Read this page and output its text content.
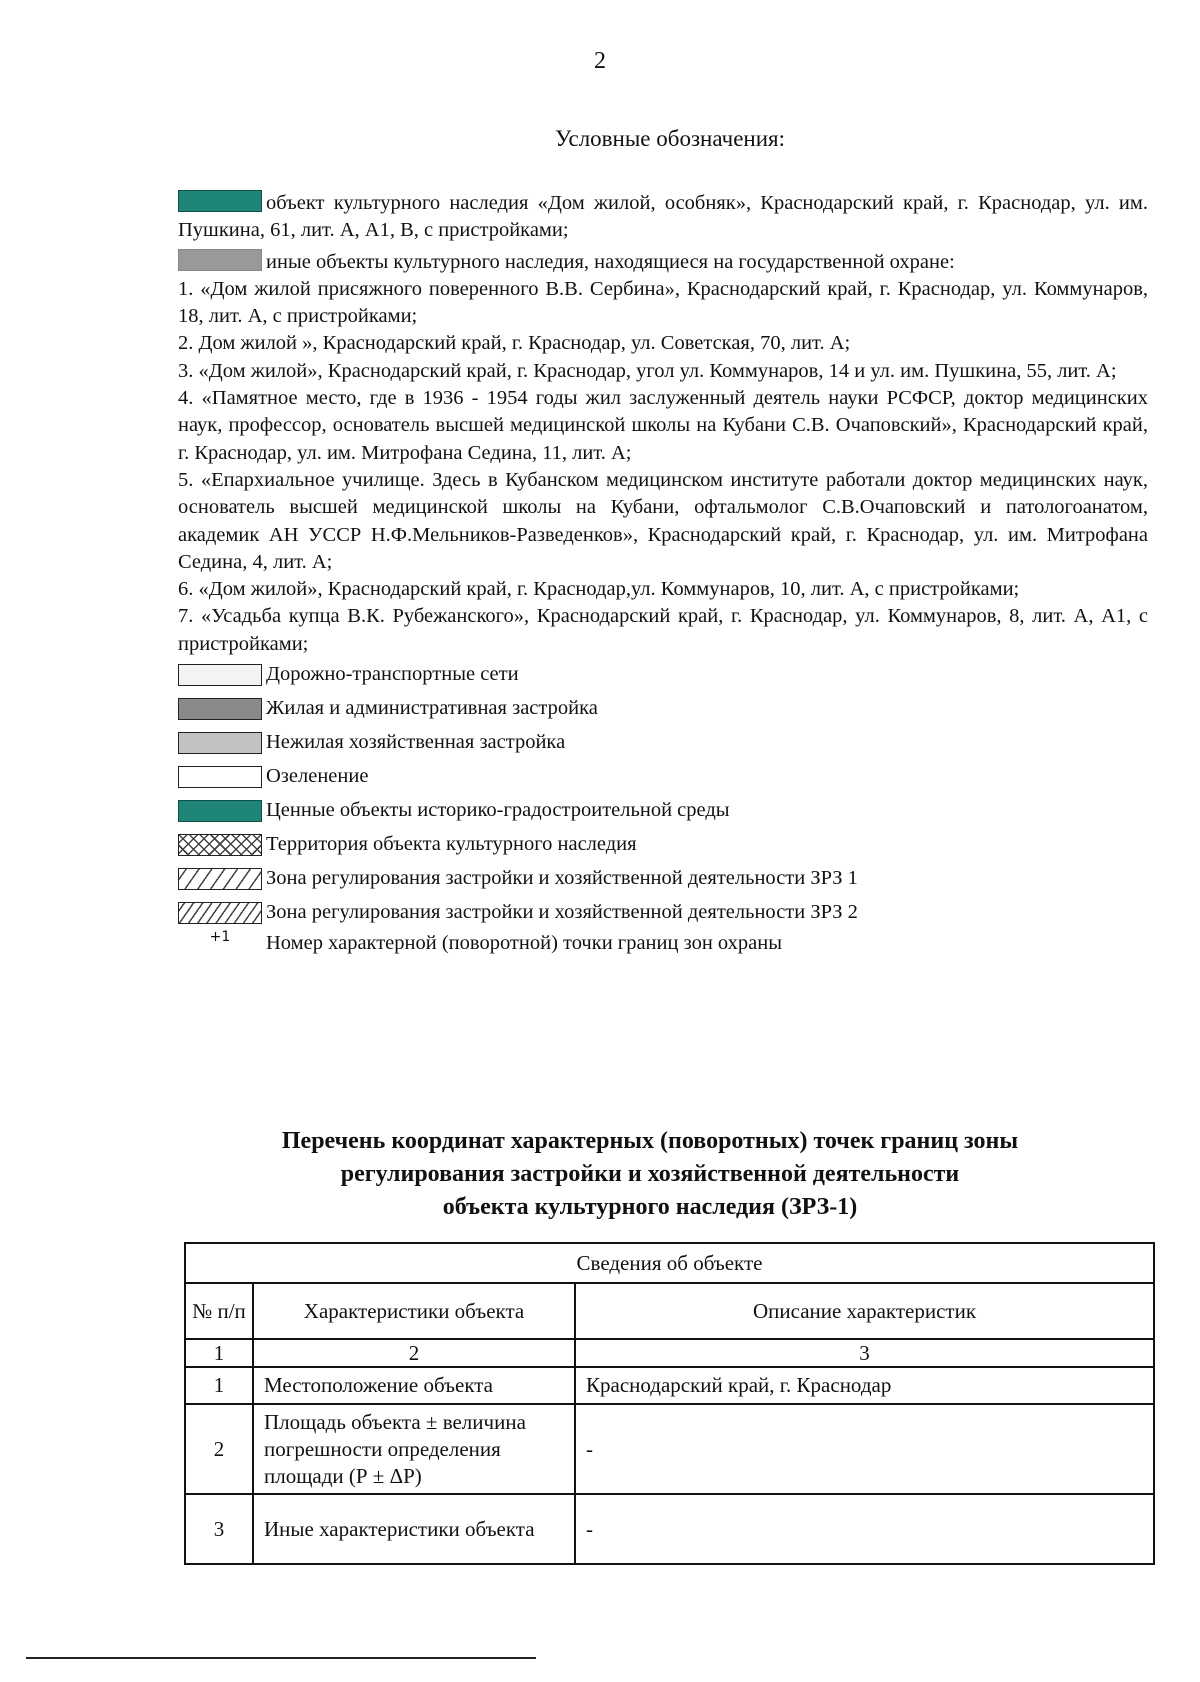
2
Условные обозначения:

объект культурного наследия «Дом жилой, особняк», Краснодарский край, г. Краснодар, ул. им. Пушкина, 61, лит. А, А1, В, с пристройками;

иные объекты культурного наследия, находящиеся на государственной охране:

1. «Дом жилой присяжного поверенного В.В. Сербина», Краснодарский край, г. Краснодар, ул. Коммунаров, 18, лит. А, с пристройками;

2. Дом жилой », Краснодарский край, г. Краснодар, ул. Советская, 70, лит. А;

3. «Дом жилой», Краснодарский край, г. Краснодар, угол ул. Коммунаров, 14 и ул. им. Пушкина, 55, лит. А;

4. «Памятное место, где в 1936 - 1954 годы жил заслуженный деятель науки РСФСР, доктор медицинских наук, профессор, основатель высшей медицинской школы на Кубани С.В. Очаповский», Краснодарский край, г. Краснодар, ул. им. Митрофана Седина, 11, лит. А;

5. «Епархиальное училище. Здесь в Кубанском медицинском институте работали доктор медицинских наук, основатель высшей медицинской школы на Кубани, офтальмолог С.В.Очаповский и патологоанатом, академик АН УССР Н.Ф.Мельников-Разведенков», Краснодарский край, г. Краснодар, ул. им. Митрофана Седина, 4, лит. А;

6. «Дом жилой», Краснодарский край, г. Краснодар,ул. Коммунаров, 10, лит. А, с пристройками;

7. «Усадьба купца В.К. Рубежанского», Краснодарский край, г. Краснодар, ул. Коммунаров, 8, лит. А, А1, с пристройками;

Дорожно-транспортные сети
Жилая и административная застройка
Нежилая хозяйственная застройка
Озеленение
Ценные объекты историко-градостроительной среды
Территория объекта культурного наследия
Зона регулирования застройки и хозяйственной деятельности ЗРЗ 1
Зона регулирования застройки и хозяйственной деятельности ЗРЗ 2
+1	Номер характерной (поворотной) точки границ зон охраны
Перечень координат характерных (поворотных) точек границ зоны
регулирования застройки и хозяйственной деятельности
объекта культурного наследия (ЗРЗ-1)
Сведения об объекте		
№ п/п	Характеристики объекта	Описание характеристик
1	2	3
1	Местоположение объекта	Краснодарский край, г. Краснодар
2	Площадь объекта ± величина погрешности определения площади (Р ± ΔР)	-
3	Иные характеристики объекта	-
